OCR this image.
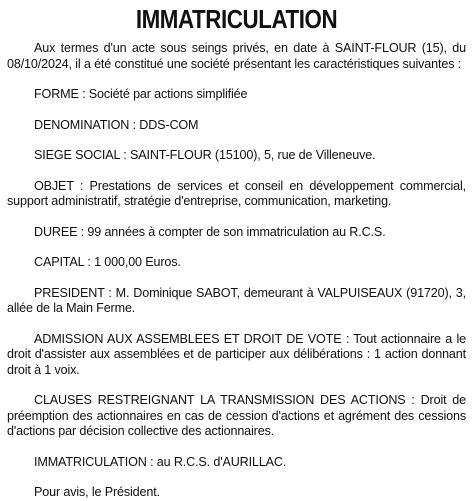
IMMATRICULATION

Aux termes d'un acte sous seings privés, en date à SAINT-FLOUR (15), du 08/10/2024, il a été constitué une société présentant les caractéristiques suivantes :

FORME : Société par actions simplifiée

DENOMINATION : DDS-COM

SIEGE SOCIAL : SAINT-FLOUR (15100), 5, rue de Villeneuve.

OBJET : Prestations de services et conseil en développement commercial, support administratif, stratégie d'entreprise, communication, marketing.

DUREE : 99 années à compter de son immatriculation au R.C.S.

CAPITAL : 1 000,00 Euros.

PRESIDENT : M. Dominique SABOT, demeurant à VALPUISEAUX (91720), 3, allée de la Main Ferme.

ADMISSION AUX ASSEMBLEES ET DROIT DE VOTE : Tout actionnaire a le droit d'assister aux assemblées et de participer aux délibérations : 1 action donnant droit à 1 voix.

CLAUSES RESTREIGNANT LA TRANSMISSION DES ACTIONS : Droit de préemption des actionnaires en cas de cession d'actions et agrément des cessions d'actions par décision collective des actionnaires.

IMMATRICULATION : au R.C.S. d'AURILLAC.

Pour avis, le Président.
